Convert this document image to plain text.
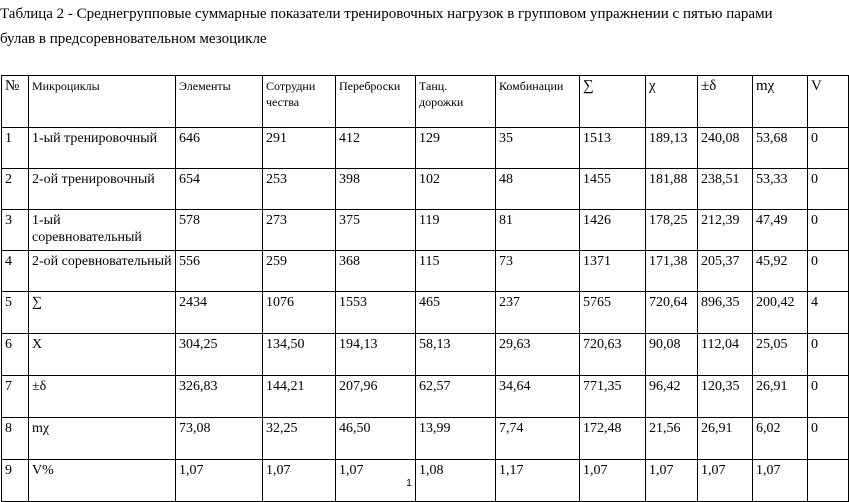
Таблица 2 - Среднегрупповые суммарные показатели тренировочных нагрузок в групповом упражнении с пятью парами
булав в предсоревновательном мезоцикле
№	Микроциклы	Элементы	Сотрудни чества	Переброски	Танц. дорожки	Комбинации	∑	χ	±δ	mχ	V
1	1-ый тренировочный	646	291	412	129	35	1513	189,13	240,08	53,68	0
2	2-ой тренировочный	654	253	398	102	48	1455	181,88	238,51	53,33	0
3	1-ый соревновательный	578	273	375	119	81	1426	178,25	212,39	47,49	0
4	2-ой соревновательный	556	259	368	115	73	1371	171,38	205,37	45,92	0
5	∑	2434	1076	1553	465	237	5765	720,64	896,35	200,42	4
6	X	304,25	134,50	194,13	58,13	29,63	720,63	90,08	112,04	25,05	0
7	±δ	326,83	144,21	207,96	62,57	34,64	771,35	96,42	120,35	26,91	0
8	mχ	73,08	32,25	46,50	13,99	7,74	172,48	21,56	26,91	6,02	0
9	V%	1,07	1,07	1,07	1,08	1,17	1,07	1,07	1,07	1,07	
1
